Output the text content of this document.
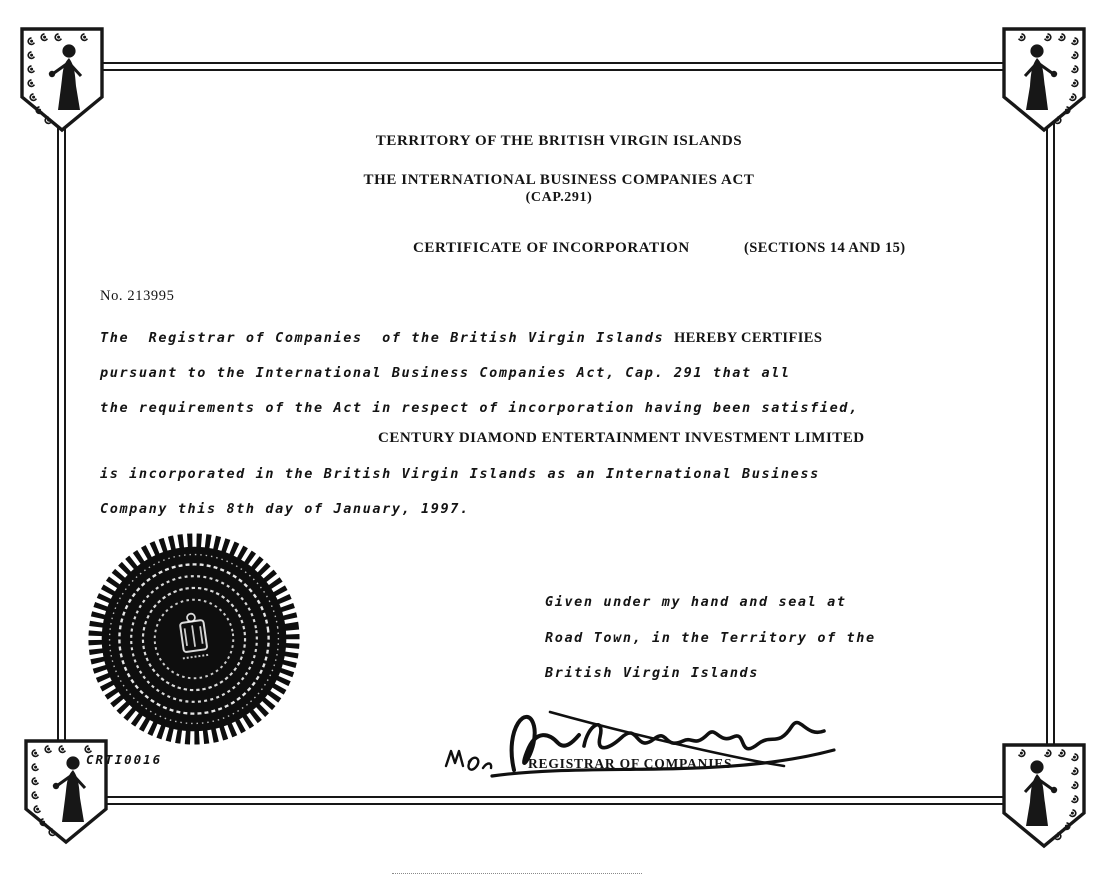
TERRITORY OF THE BRITISH VIRGIN ISLANDS
THE INTERNATIONAL BUSINESS COMPANIES ACT
(CAP.291)
CERTIFICATE OF INCORPORATION	(SECTIONS 14 AND 15)
No. 213995
The  Registrar of Companies  of the British Virgin Islands HEREBY CERTIFIES
pursuant to the International Business Companies Act, Cap. 291 that all
the requirements of the Act in respect of incorporation having been satisfied,
CENTURY DIAMOND ENTERTAINMENT INVESTMENT LIMITED
is incorporated in the British Virgin Islands as an International Business
Company this 8th day of January, 1997.
Given under my hand and seal at
Road Town, in the Territory of the
British Virgin Islands
CRTI0016	REGISTRAR OF COMPANIES
